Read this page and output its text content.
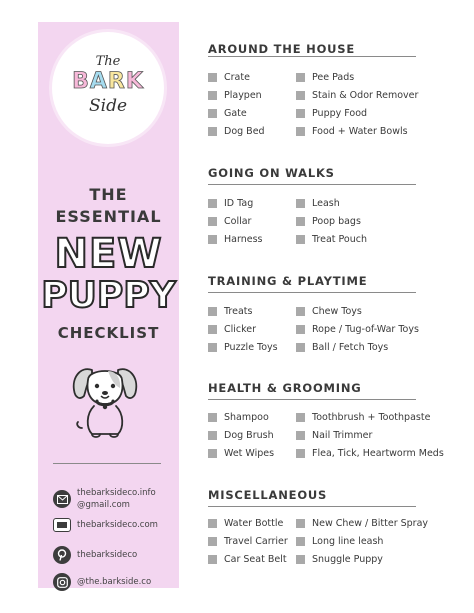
The
BARK
Side
THE
ESSENTIAL
NEW
PUPPY
CHECKLIST
thebarksideco.info @gmail.com
thebarksideco.com
thebarksideco
@the.barkside.co
AROUND THE HOUSE
Crate
Playpen
Gate
Dog Bed
Pee Pads
Stain & Odor Remover
Puppy Food
Food + Water Bowls
GOING ON WALKS
ID Tag
Collar
Harness
Leash
Poop bags
Treat Pouch
TRAINING & PLAYTIME
Treats
Clicker
Puzzle Toys
Chew Toys
Rope / Tug-of-War Toys
Ball / Fetch Toys
HEALTH & GROOMING
Shampoo
Dog Brush
Wet Wipes
Toothbrush + Toothpaste
Nail Trimmer
Flea, Tick, Heartworm Meds
MISCELLANEOUS
Water Bottle
Travel Carrier
Car Seat Belt
New Chew / Bitter Spray
Long line leash
Snuggle Puppy
